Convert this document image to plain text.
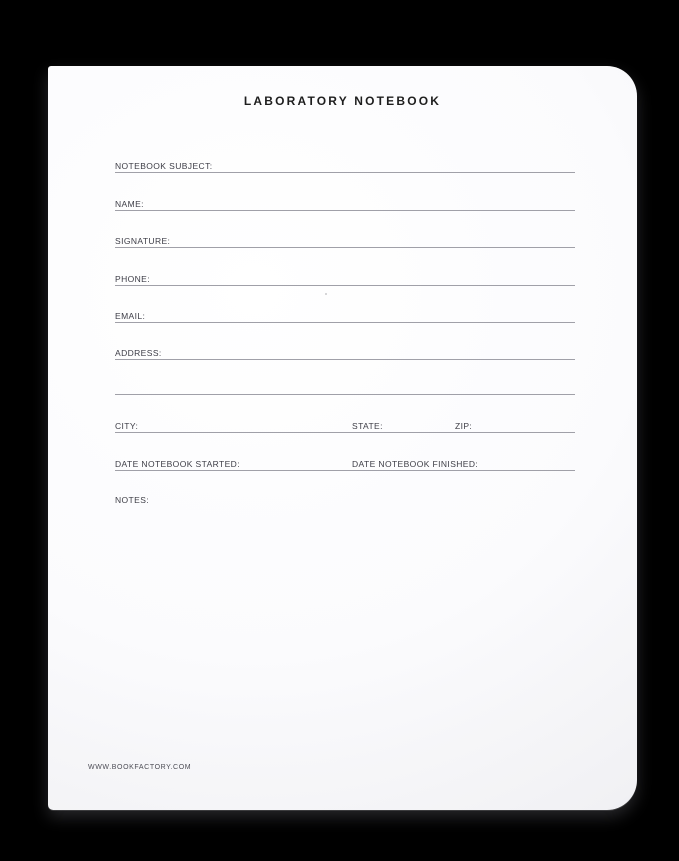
LABORATORY NOTEBOOK
NOTEBOOK SUBJECT:
NAME:
SIGNATURE:
PHONE:
EMAIL:
ADDRESS:
CITY:	STATE:	ZIP:
DATE NOTEBOOK STARTED:	DATE NOTEBOOK FINISHED:
NOTES:
WWW.BOOKFACTORY.COM
